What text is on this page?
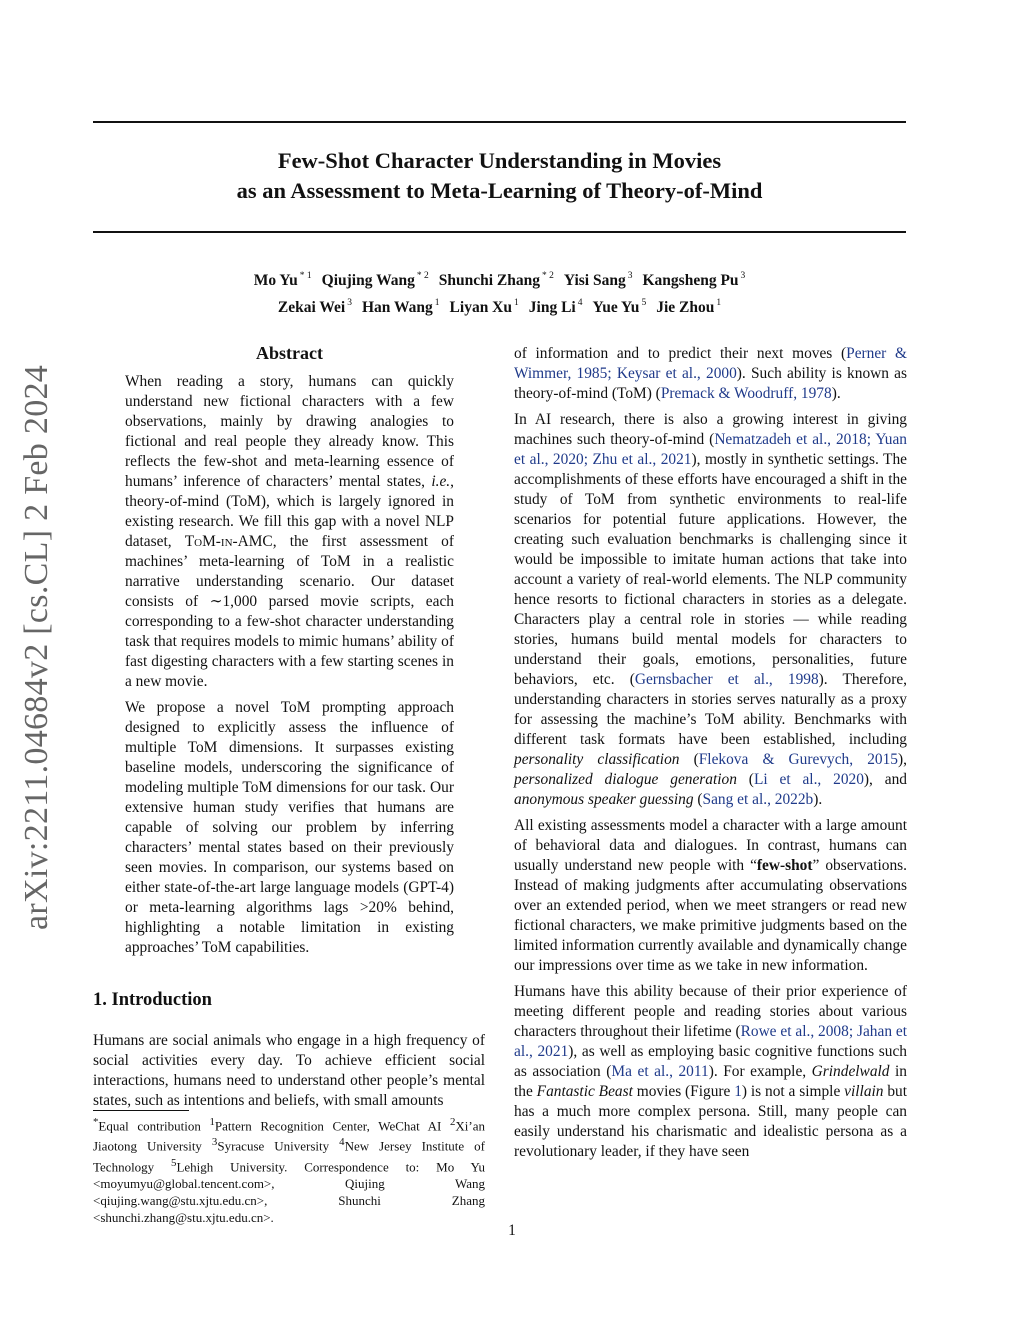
arXiv:2211.04684v2 [cs.CL] 2 Feb 2024
Few-Shot Character Understanding in Movies
as an Assessment to Meta-Learning of Theory-of-Mind
Mo Yu $^{* 1}$ Qiujing Wang $^{* 2}$ Shunchi Zhang $^{* 2}$ Yisi Sang $^3$ Kangsheng Pu $^3$
Zekai Wei $^3$ Han Wang $^1$ Liyan Xu $^1$ Jing Li $^4$ Yue Yu $^5$ Jie Zhou $^1$
Abstract

When reading a story, humans can quickly understand new fictional characters with a few observations, mainly by drawing analogies to fictional and real people they already know. This reflects the few-shot and meta-learning essence of humans’ inference of characters’ mental states, i.e., theory-of-mind (ToM), which is largely ignored in existing research. We fill this gap with a novel NLP dataset, ToM-in-AMC, the first assessment of machines’ meta-learning of ToM in a realistic narrative understanding scenario. Our dataset consists of ∼1,000 parsed movie scripts, each corresponding to a few-shot character understanding task that requires models to mimic humans’ ability of fast digesting characters with a few starting scenes in a new movie.

We propose a novel ToM prompting approach designed to explicitly assess the influence of multiple ToM dimensions. It surpasses existing baseline models, underscoring the significance of modeling multiple ToM dimensions for our task. Our extensive human study verifies that humans are capable of solving our problem by inferring characters’ mental states based on their previously seen movies. In comparison, our systems based on either state-of-the-art large language models (GPT-4) or meta-learning algorithms lags >20% behind, highlighting a notable limitation in existing approaches’ ToM capabilities.

1. Introduction

Humans are social animals who engage in a high frequency of social activities every day. To achieve efficient social interactions, humans need to understand other people’s mental states, such as intentions and beliefs, with small amounts

*Equal contribution $^1$Pattern Recognition Center, WeChat AI $^2$Xi’an Jiaotong University $^3$Syracuse University $^4$New Jersey Institute of Technology $^5$Lehigh University. Correspondence to: Mo Yu <moyumyu@global.tencent.com>, Qiujing Wang <qiujing.wang@stu.xjtu.edu.cn>, Shunchi Zhang <shunchi.zhang@stu.xjtu.edu.cn>.

of information and to predict their next moves (Perner & Wimmer, 1985; Keysar et al., 2000). Such ability is known as theory-of-mind (ToM) (Premack & Woodruff, 1978).

In AI research, there is also a growing interest in giving machines such theory-of-mind (Nematzadeh et al., 2018; Yuan et al., 2020; Zhu et al., 2021), mostly in synthetic settings. The accomplishments of these efforts have encouraged a shift in the study of ToM from synthetic environments to real-life scenarios for potential future applications. However, the creating such evaluation benchmarks is challenging since it would be impossible to imitate human actions that take into account a variety of real-world elements. The NLP community hence resorts to fictional characters in stories as a delegate. Characters play a central role in stories — while reading stories, humans build mental models for characters to understand their goals, emotions, personalities, future behaviors, etc. (Gernsbacher et al., 1998). Therefore, understanding characters in stories serves naturally as a proxy for assessing the machine’s ToM ability. Benchmarks with different task formats have been established, including personality classification (Flekova & Gurevych, 2015), personalized dialogue generation (Li et al., 2020), and anonymous speaker guessing (Sang et al., 2022b).

All existing assessments model a character with a large amount of behavioral data and dialogues. In contrast, humans can usually understand new people with “few-shot” observations. Instead of making judgments after accumulating observations over an extended period, when we meet strangers or read new fictional characters, we make primitive judgments based on the limited information currently available and dynamically change our impressions over time as we take in new information.

Humans have this ability because of their prior experience of meeting different people and reading stories about various characters throughout their lifetime (Rowe et al., 2008; Jahan et al., 2021), as well as employing basic cognitive functions such as association (Ma et al., 2011). For example, Grindelwald in the Fantastic Beast movies (Figure 1) is not a simple villain but has a much more complex persona. Still, many people can easily understand his charismatic and idealistic persona as a revolutionary leader, if they have seen

1
